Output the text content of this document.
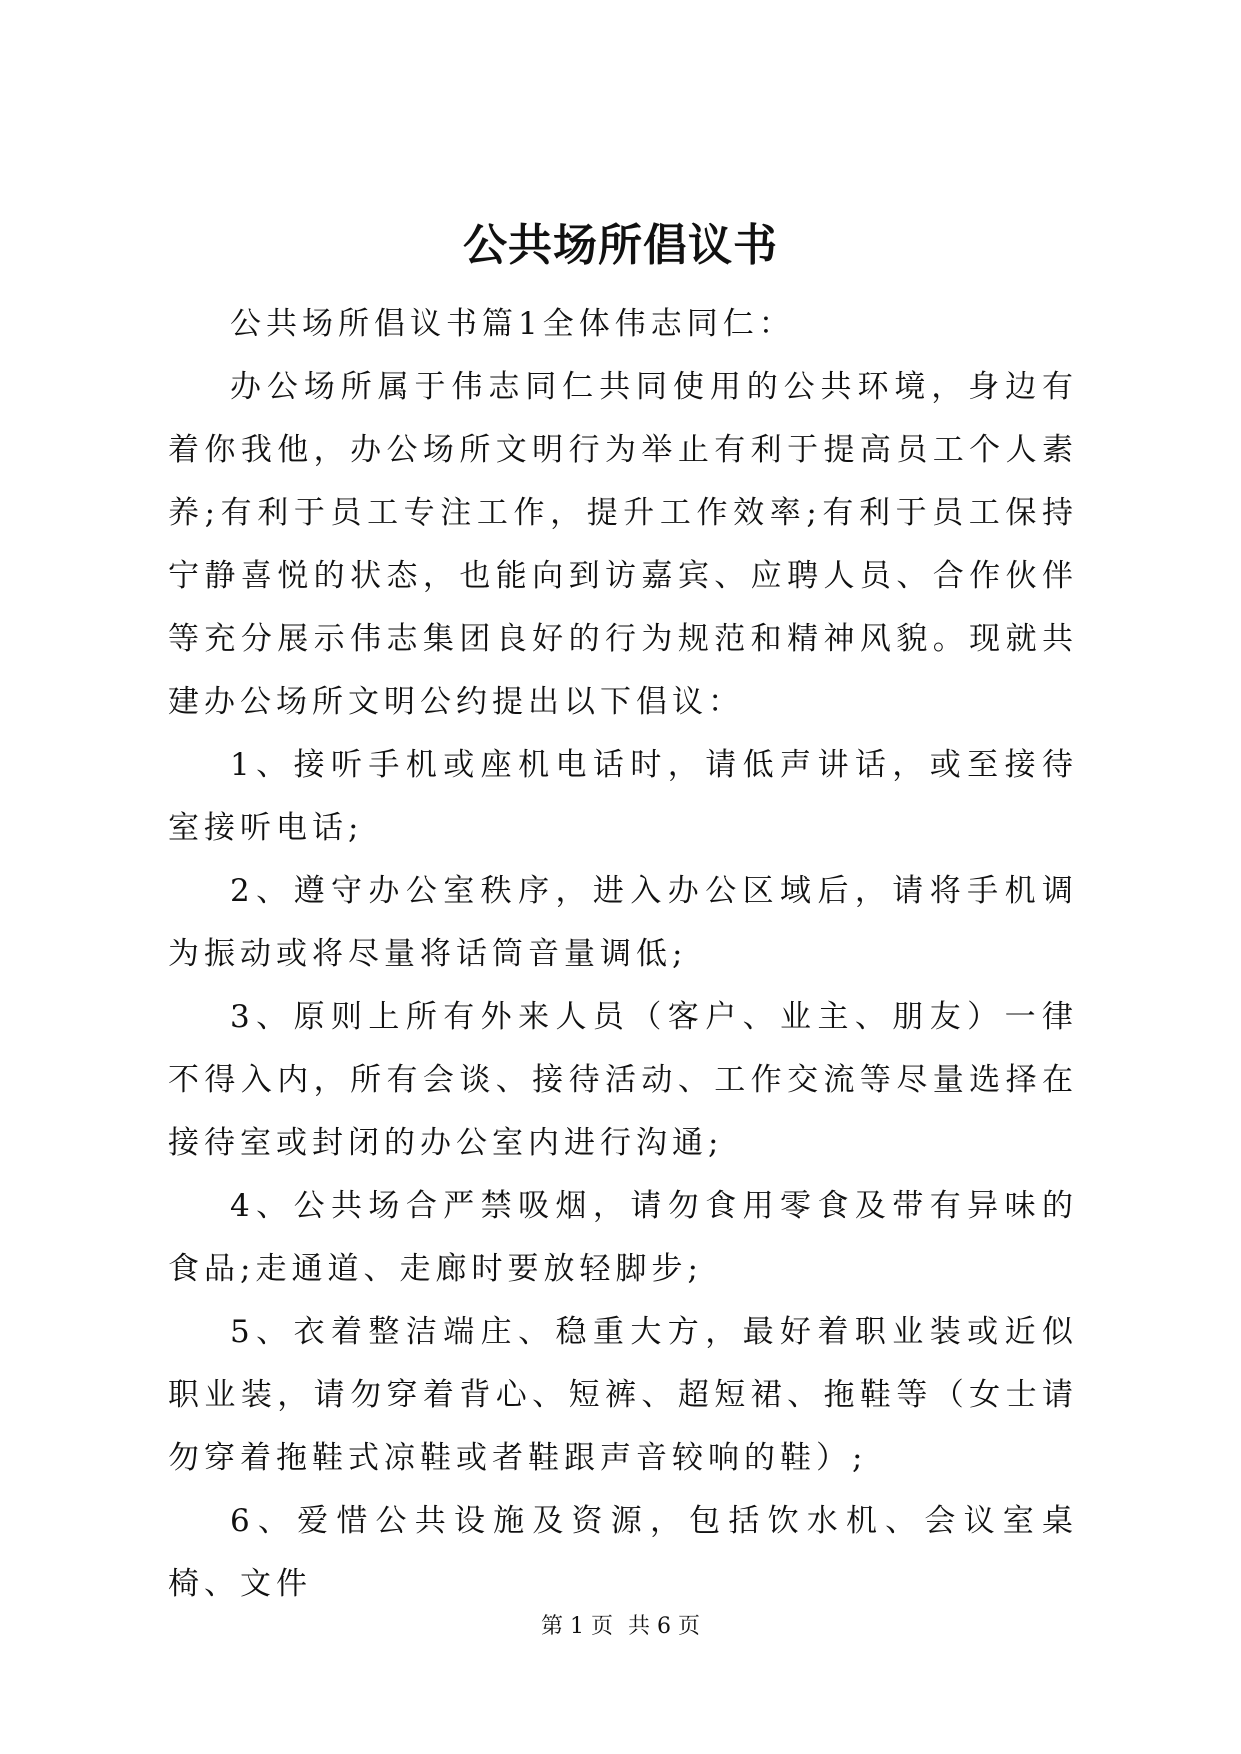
公共场所倡议书

公共场所倡议书篇1全体伟志同仁：

办公场所属于伟志同仁共同使用的公共环境，身边有着你我他，办公场所文明行为举止有利于提高员工个人素养;有利于员工专注工作，提升工作效率;有利于员工保持宁静喜悦的状态，也能向到访嘉宾、应聘人员、合作伙伴等充分展示伟志集团良好的行为规范和精神风貌。现就共建办公场所文明公约提出以下倡议：

1、接听手机或座机电话时，请低声讲话，或至接待室接听电话;

2、遵守办公室秩序，进入办公区域后，请将手机调为振动或将尽量将话筒音量调低;

3、原则上所有外来人员（客户、业主、朋友）一律不得入内，所有会谈、接待活动、工作交流等尽量选择在接待室或封闭的办公室内进行沟通;

4、公共场合严禁吸烟，请勿食用零食及带有异味的食品;走通道、走廊时要放轻脚步;

5、衣着整洁端庄、稳重大方，最好着职业装或近似职业装，请勿穿着背心、短裤、超短裙、拖鞋等（女士请勿穿着拖鞋式凉鞋或者鞋跟声音较响的鞋）;

6、爱惜公共设施及资源，包括饮水机、会议室桌椅、文件

第 1 页 共 6 页
